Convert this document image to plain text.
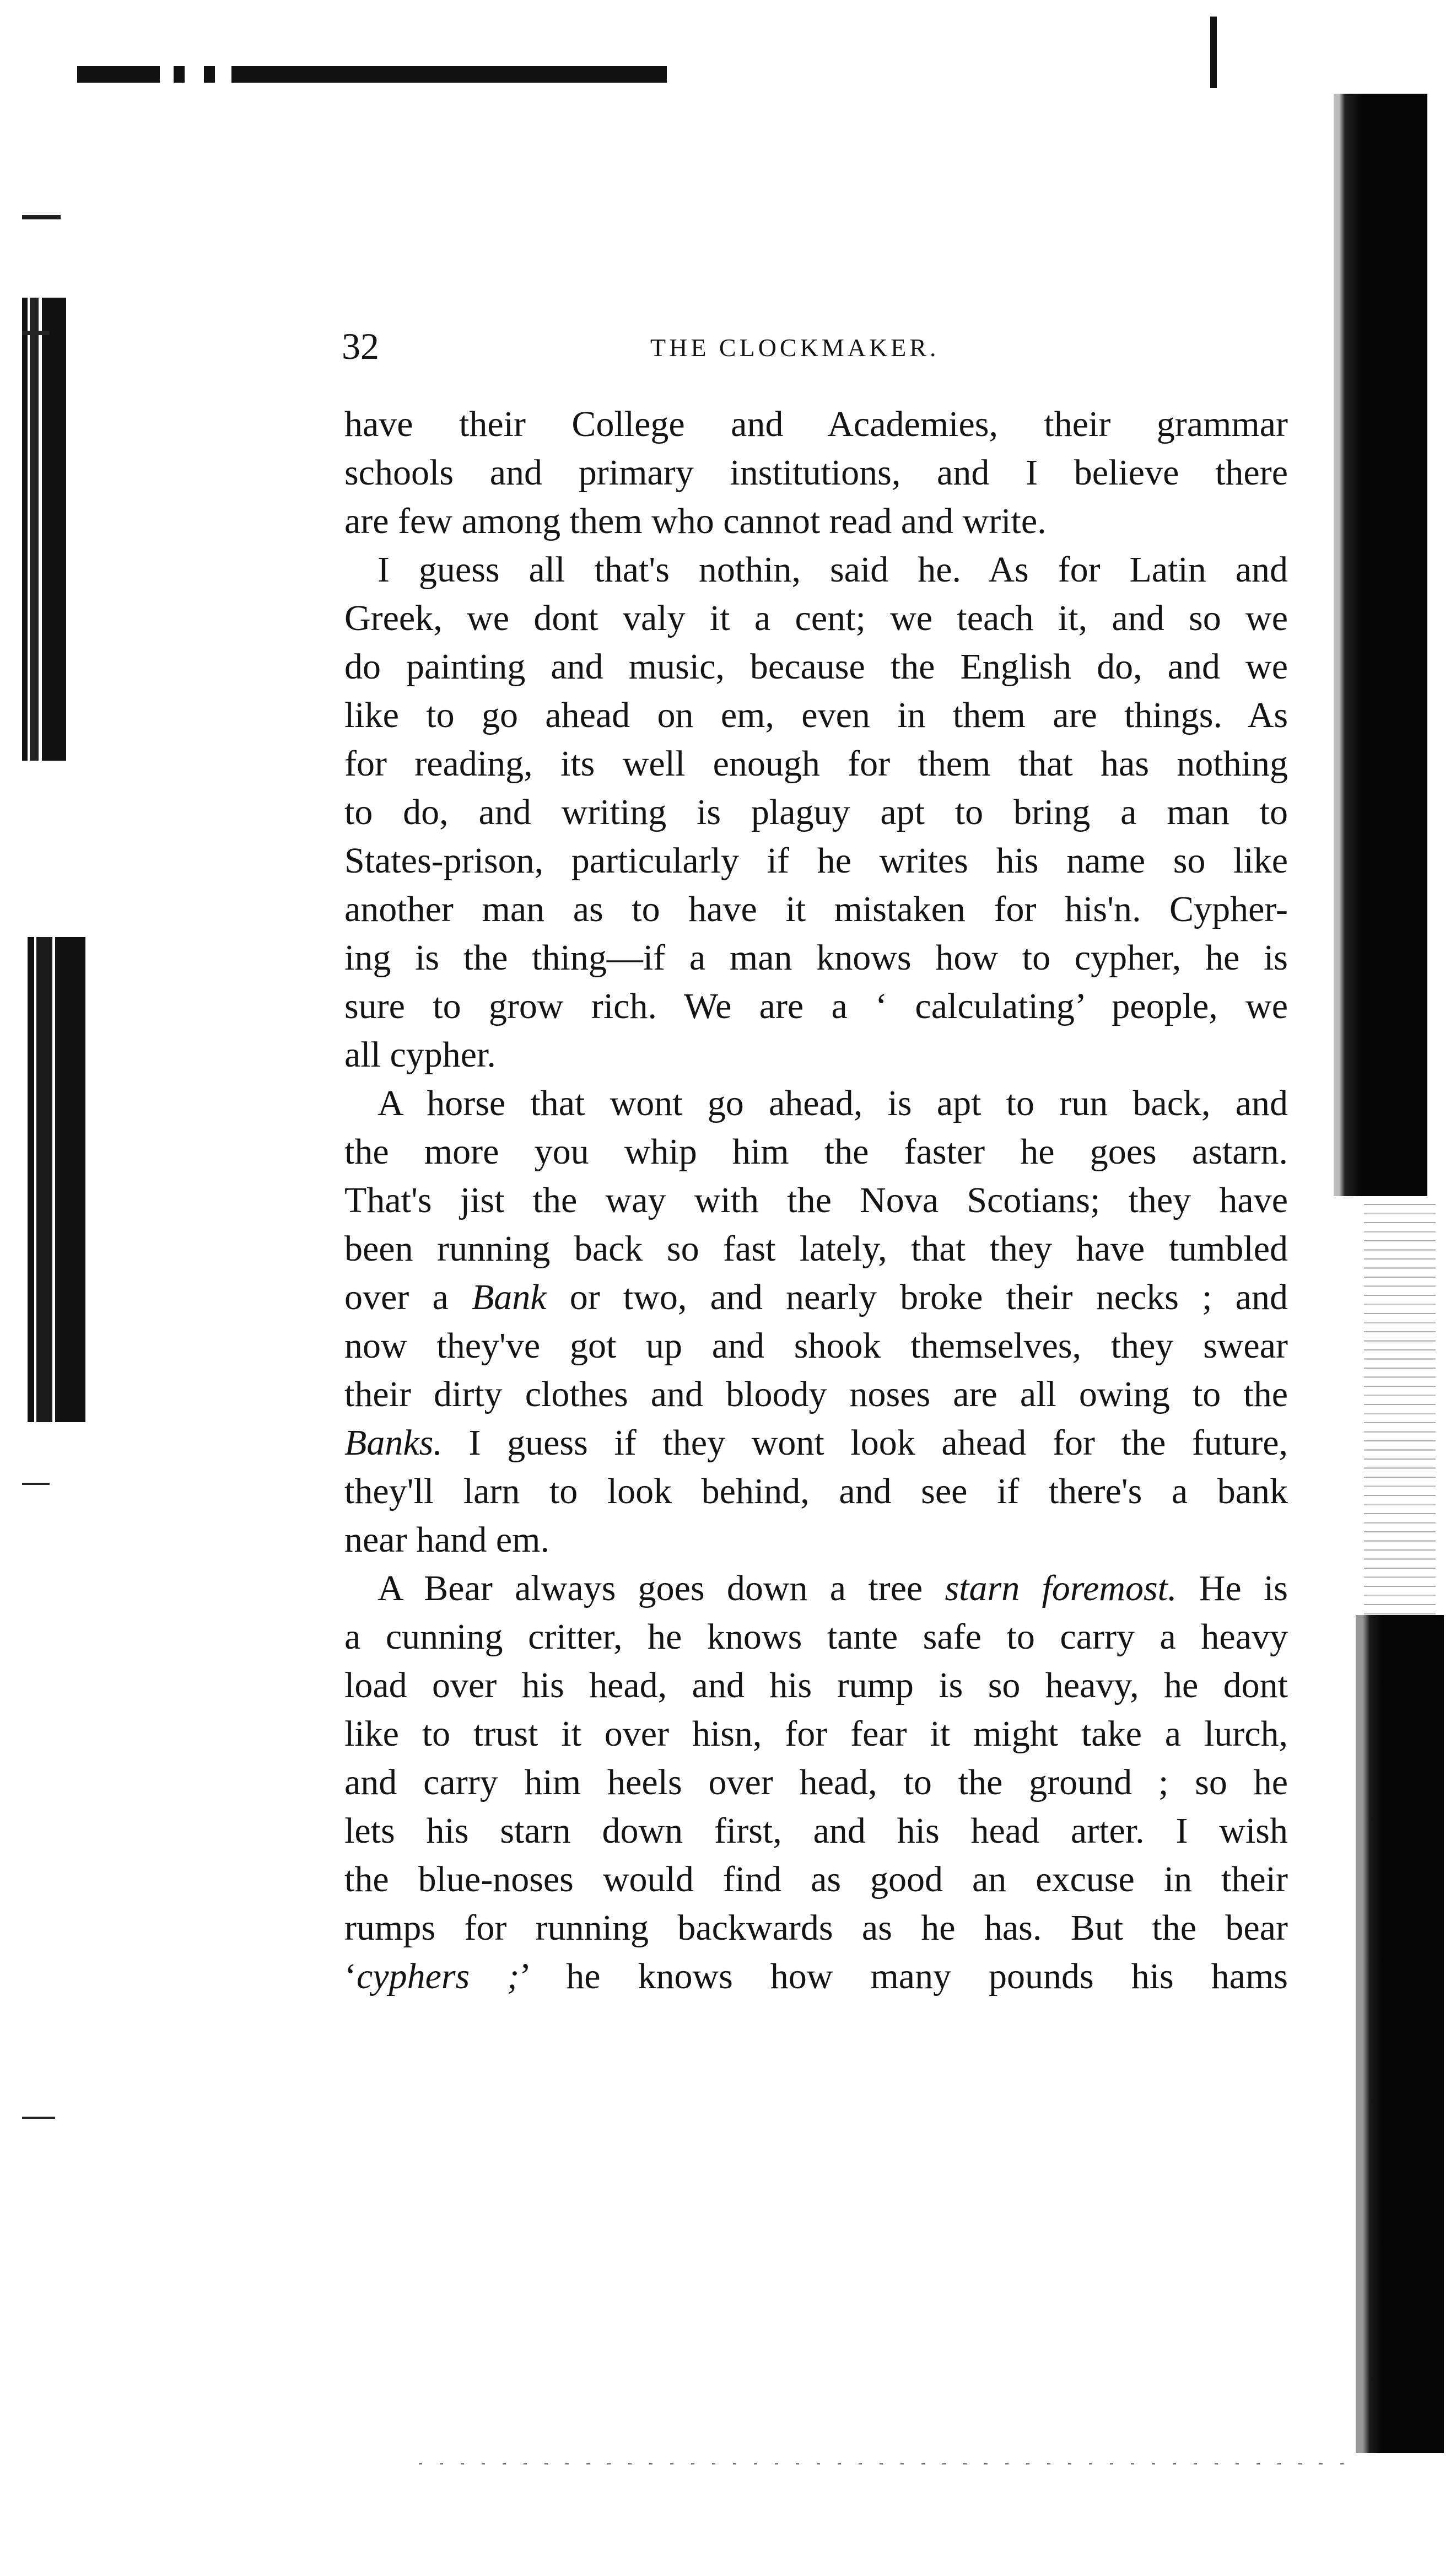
32	THE CLOCKMAKER.

have their College and Academies, their grammar
schools and primary institutions, and I believe there
are few among them who cannot read and write.

I guess all that's nothin, said he. As for Latin and
Greek, we dont valy it a cent; we teach it, and so we
do painting and music, because the English do, and we
like to go ahead on em, even in them are things. As
for reading, its well enough for them that has nothing
to do, and writing is plaguy apt to bring a man to
States-prison, particularly if he writes his name so like
another man as to have it mistaken for his'n. Cypher-
ing is the thing—if a man knows how to cypher, he is
sure to grow rich. We are a ‘ calculating’ people, we
all cypher.

A horse that wont go ahead, is apt to run back, and
the more you whip him the faster he goes astarn.
That's jist the way with the Nova Scotians; they have
been running back so fast lately, that they have tumbled
over a Bank or two, and nearly broke their necks ; and
now they've got up and shook themselves, they swear
their dirty clothes and bloody noses are all owing to the
Banks. I guess if they wont look ahead for the future,
they'll larn to look behind, and see if there's a bank
near hand em.

A Bear always goes down a tree starn foremost. He is
a cunning critter, he knows tante safe to carry a heavy
load over his head, and his rump is so heavy, he dont
like to trust it over hisn, for fear it might take a lurch,
and carry him heels over head, to the ground ; so he
lets his starn down first, and his head arter. I wish
the blue-noses would find as good an excuse in their
rumps for running backwards as he has. But the bear
‘cyphers ;’ he knows how many pounds his hams
